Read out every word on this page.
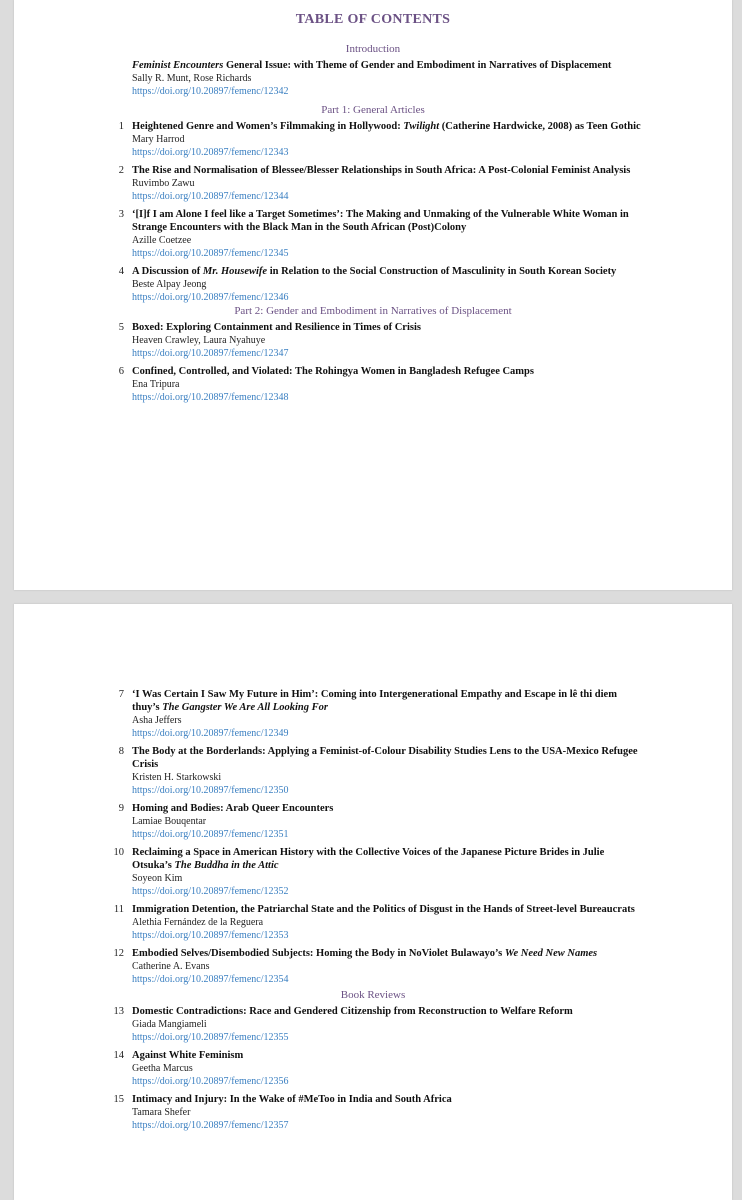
TABLE OF CONTENTS
Introduction
Feminist Encounters General Issue: with Theme of Gender and Embodiment in Narratives of Displacement
Sally R. Munt, Rose Richards
https://doi.org/10.20897/femenc/12342
Part 1: General Articles
1 Heightened Genre and Women’s Filmmaking in Hollywood: Twilight (Catherine Hardwicke, 2008) as Teen Gothic
Mary Harrod
https://doi.org/10.20897/femenc/12343
2 The Rise and Normalisation of Blessee/Blesser Relationships in South Africa: A Post-Colonial Feminist Analysis
Ruvimbo Zawu
https://doi.org/10.20897/femenc/12344
3 ‘[I]f I am Alone I feel like a Target Sometimes’: The Making and Unmaking of the Vulnerable White Woman in Strange Encounters with the Black Man in the South African (Post)Colony
Azille Coetzee
https://doi.org/10.20897/femenc/12345
4 A Discussion of Mr. Housewife in Relation to the Social Construction of Masculinity in South Korean Society
Beste Alpay Jeong
https://doi.org/10.20897/femenc/12346
Part 2: Gender and Embodiment in Narratives of Displacement
5 Boxed: Exploring Containment and Resilience in Times of Crisis
Heaven Crawley, Laura Nyahuye
https://doi.org/10.20897/femenc/12347
6 Confined, Controlled, and Violated: The Rohingya Women in Bangladesh Refugee Camps
Ena Tripura
https://doi.org/10.20897/femenc/12348
7 ‘I Was Certain I Saw My Future in Him’: Coming into Intergenerational Empathy and Escape in lê thi diem thuy’s The Gangster We Are All Looking For
Asha Jeffers
https://doi.org/10.20897/femenc/12349
8 The Body at the Borderlands: Applying a Feminist-of-Colour Disability Studies Lens to the USA-Mexico Refugee Crisis
Kristen H. Starkowski
https://doi.org/10.20897/femenc/12350
9 Homing and Bodies: Arab Queer Encounters
Lamiae Bouqentar
https://doi.org/10.20897/femenc/12351
10 Reclaiming a Space in American History with the Collective Voices of the Japanese Picture Brides in Julie Otsuka’s The Buddha in the Attic
Soyeon Kim
https://doi.org/10.20897/femenc/12352
11 Immigration Detention, the Patriarchal State and the Politics of Disgust in the Hands of Street-level Bureaucrats
Alethia Fernández de la Reguera
https://doi.org/10.20897/femenc/12353
12 Embodied Selves/Disembodied Subjects: Homing the Body in NoViolet Bulawayo’s We Need New Names
Catherine A. Evans
https://doi.org/10.20897/femenc/12354
Book Reviews
13 Domestic Contradictions: Race and Gendered Citizenship from Reconstruction to Welfare Reform
Giada Mangiameli
https://doi.org/10.20897/femenc/12355
14 Against White Feminism
Geetha Marcus
https://doi.org/10.20897/femenc/12356
15 Intimacy and Injury: In the Wake of #MeToo in India and South Africa
Tamara Shefer
https://doi.org/10.20897/femenc/12357
